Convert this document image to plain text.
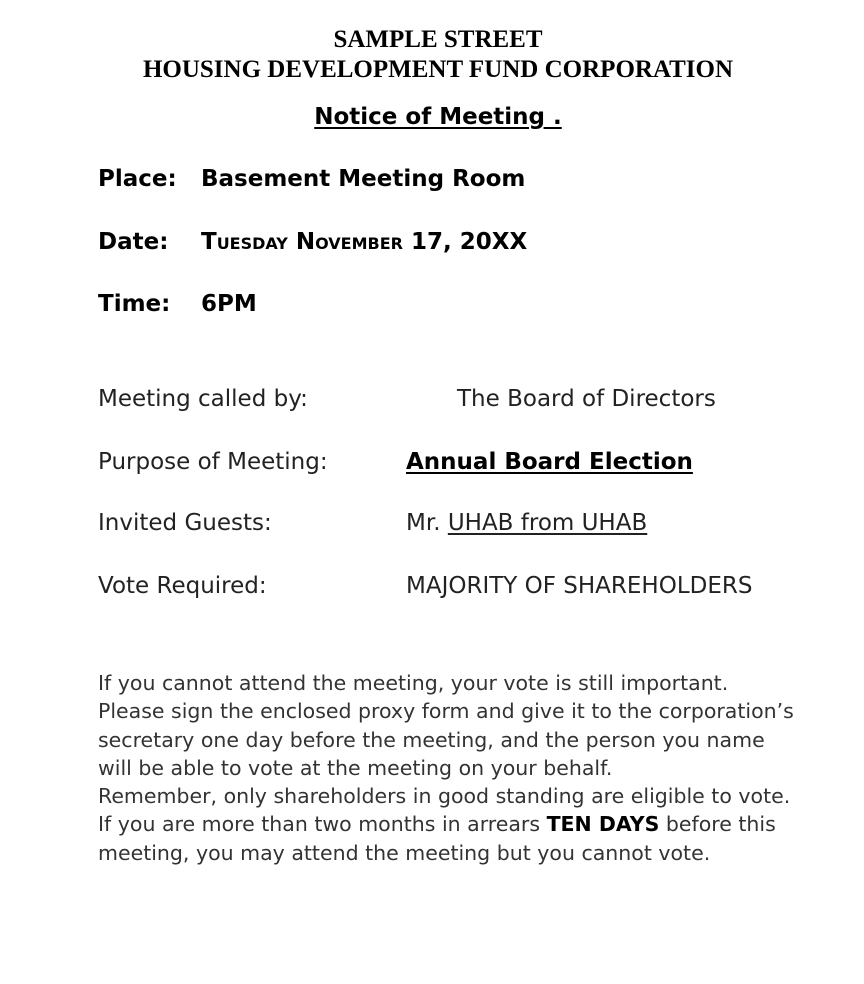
SAMPLE STREET
HOUSING DEVELOPMENT FUND CORPORATION
Notice of Meeting .
Place: Basement Meeting Room
Date: Tuesday November 17, 20XX
Time: 6PM
Meeting called by:	The Board of Directors
Purpose of Meeting:	Annual Board Election
Invited Guests:	Mr. UHAB from UHAB
Vote Required:	MAJORITY OF SHAREHOLDERS

If you cannot attend the meeting, your vote is still important. Please sign the enclosed proxy form and give it to the corporation’s secretary one day before the meeting, and the person you name will be able to vote at the meeting on your behalf.

Remember, only shareholders in good standing are eligible to vote.  If you are more than two months in arrears TEN DAYS before this meeting, you may attend the meeting but you cannot vote.
